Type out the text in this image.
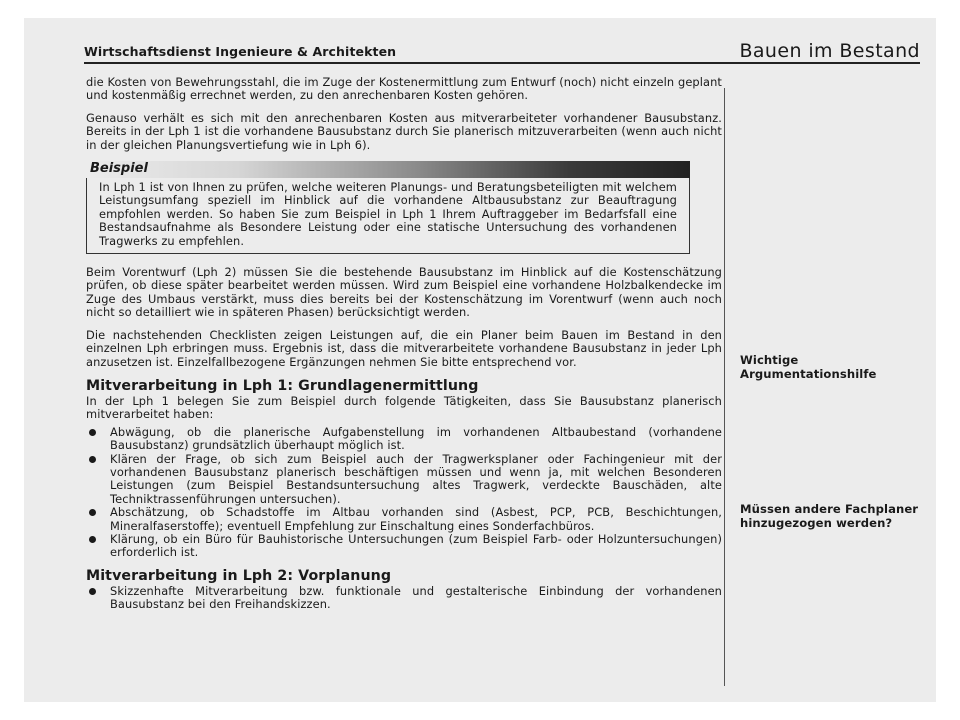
Wirtschaftsdienst Ingenieure & Architekten	Bauen im Bestand

die Kosten von Bewehrungsstahl, die im Zuge der Kostenermittlung zum Entwurf (noch) nicht einzeln geplant und kostenmäßig errechnet werden, zu den anrechenbaren Kosten gehören.

Genauso verhält es sich mit den anrechenbaren Kosten aus mitverarbeiteter vorhandener Bausubstanz. Bereits in der Lph 1 ist die vorhandene Bausubstanz durch Sie planerisch mitzuverarbeiten (wenn auch nicht in der gleichen Planungsvertiefung wie in Lph 6).

Beispiel
In Lph 1 ist von Ihnen zu prüfen, welche weiteren Planungs- und Beratungsbeteiligten mit welchem Leistungsumfang speziell im Hinblick auf die vorhandene Altbausubstanz zur Beauftragung empfohlen werden. So haben Sie zum Beispiel in Lph 1 Ihrem Auftraggeber im Bedarfsfall eine Bestandsaufnahme als Besondere Leistung oder eine statische Untersuchung des vorhandenen Tragwerks zu empfehlen.

Beim Vorentwurf (Lph 2) müssen Sie die bestehende Bausubstanz im Hinblick auf die Kostenschätzung prüfen, ob diese später bearbeitet werden müssen. Wird zum Beispiel eine vorhandene Holzbalkendecke im Zuge des Umbaus verstärkt, muss dies bereits bei der Kostenschätzung im Vorentwurf (wenn auch noch nicht so detailliert wie in späteren Phasen) berücksichtigt werden.

Die nachstehenden Checklisten zeigen Leistungen auf, die ein Planer beim Bauen im Bestand in den einzelnen Lph erbringen muss. Ergebnis ist, dass die mitverarbeitete vorhandene Bausubstanz in jeder Lph anzusetzen ist. Einzelfallbezogene Ergänzungen nehmen Sie bitte entsprechend vor.

Mitverarbeitung in Lph 1: Grundlagenermittlung

In der Lph 1 belegen Sie zum Beispiel durch folgende Tätigkeiten, dass Sie Bausubstanz planerisch mitverarbeitet haben:

Abwägung, ob die planerische Aufgabenstellung im vorhandenen Altbaubestand (vorhandene Bausubstanz) grundsätzlich überhaupt möglich ist.
Klären der Frage, ob sich zum Beispiel auch der Tragwerksplaner oder Fachingenieur mit der vorhandenen Bausubstanz planerisch beschäftigen müssen und wenn ja, mit welchen Besonderen Leistungen (zum Beispiel Bestandsuntersuchung altes Tragwerk, verdeckte Bauschäden, alte Techniktrassenführungen untersuchen).
Abschätzung, ob Schadstoffe im Altbau vorhanden sind (Asbest, PCP, PCB, Beschichtungen, Mineralfaserstoffe); eventuell Empfehlung zur Einschaltung eines Sonderfachbüros.
Klärung, ob ein Büro für Bauhistorische Untersuchungen (zum Beispiel Farb- oder Holzuntersuchungen) erforderlich ist.
Mitverarbeitung in Lph 2: Vorplanung
Skizzenhafte Mitverarbeitung bzw. funktionale und gestalterische Einbindung der vorhandenen Bausubstanz bei den Freihandskizzen.
Wichtige Argumentationshilfe
Müssen andere Fachplaner hinzugezogen werden?
